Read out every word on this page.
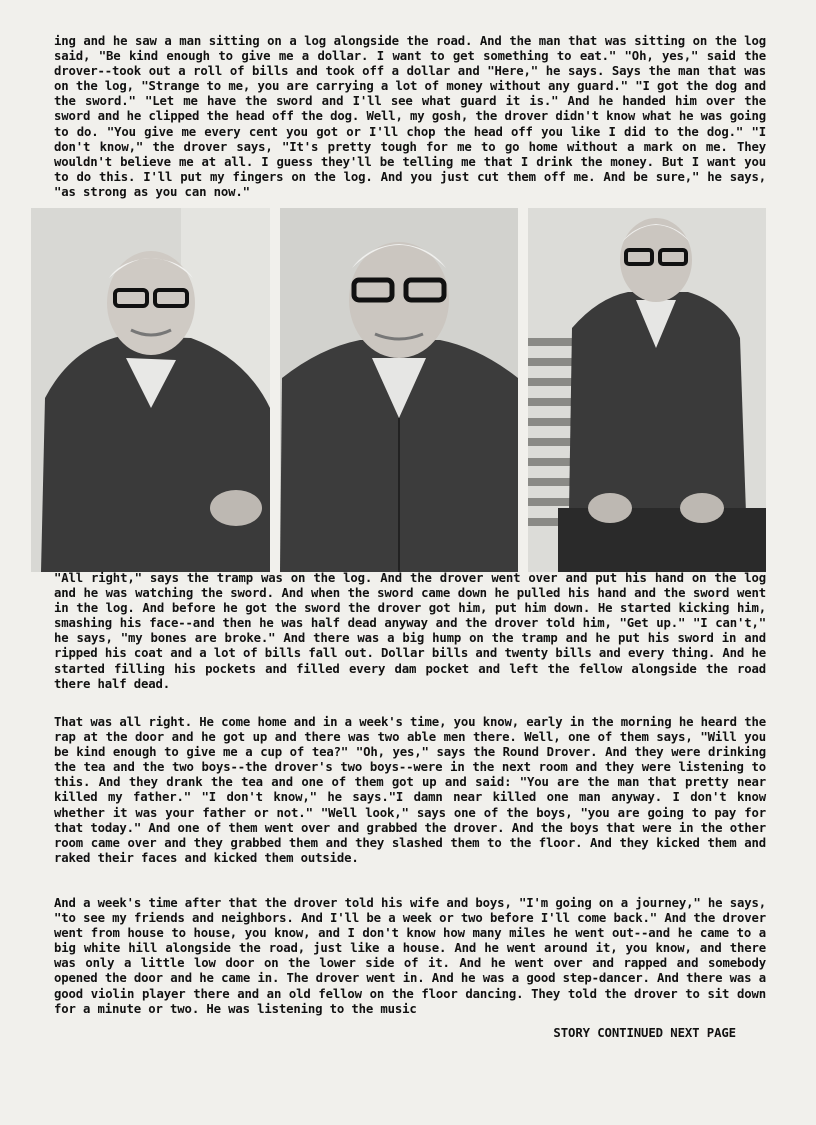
ing and he saw a man sitting on a log alongside the road. And the man that was sitting on the log said, "Be kind enough to give me a dollar. I want to get something to eat." "Oh, yes," said the drover--took out a roll of bills and took off a dollar and "Here," he says. Says the man that was on the log, "Strange to me, you are carrying a lot of money without any guard." "I got the dog and the sword." "Let me have the sword and I'll see what guard it is." And he handed him over the sword and he clipped the head off the dog. Well, my gosh, the drover didn't know what he was going to do. "You give me every cent you got or I'll chop the head off you like I did to the dog." "I don't know," the drover says, "It's pretty tough for me to go home without a mark on me. They wouldn't believe me at all. I guess they'll be telling me that I drink the money. But I want you to do this. I'll put my fingers on the log. And you just cut them off me. And be sure," he says, "as strong as you can now."

"All right," says the tramp was on the log. And the drover went over and put his hand on the log and he was watching the sword. And when the sword came down he pulled his hand and the sword went in the log. And before he got the sword the drover got him, put him down. He started kicking him, smashing his face--and then he was half dead anyway and the drover told him, "Get up." "I can't," he says, "my bones are broke." And there was a big hump on the tramp and he put his sword in and ripped his coat and a lot of bills fall out. Dollar bills and twenty bills and every thing. And he started filling his pockets and filled every dam pocket and left the fellow alongside the road there half dead.

That was all right. He come home and in a week's time, you know, early in the morning he heard the rap at the door and he got up and there was two able men there. Well, one of them says, "Will you be kind enough to give me a cup of tea?" "Oh, yes," says the Round Drover. And they were drinking the tea and the two boys--the drover's two boys--were in the next room and they were listening to this. And they drank the tea and one of them got up and said: "You are the man that pretty near killed my father." "I don't know," he says."I damn near killed one man anyway. I don't know whether it was your father or not." "Well look," says one of the boys, "you are going to pay for that today." And one of them went over and grabbed the drover. And the boys that were in the other room came over and they grabbed them and they slashed them to the floor. And they kicked them and raked their faces and kicked them outside.

And a week's time after that the drover told his wife and boys, "I'm going on a journey," he says, "to see my friends and neighbors. And I'll be a week or two before I'll come back." And the drover went from house to house, you know, and I don't know how many miles he went out--and he came to a big white hill alongside the road, just like a house. And he went around it, you know, and there was only a little low door on the lower side of it. And he went over and rapped and somebody opened the door and he came in. The drover went in. And he was a good step-dancer. And there was a good violin player there and an old fellow on the floor dancing. They told the drover to sit down for a minute or two. He was listening to the music

STORY CONTINUED NEXT PAGE
